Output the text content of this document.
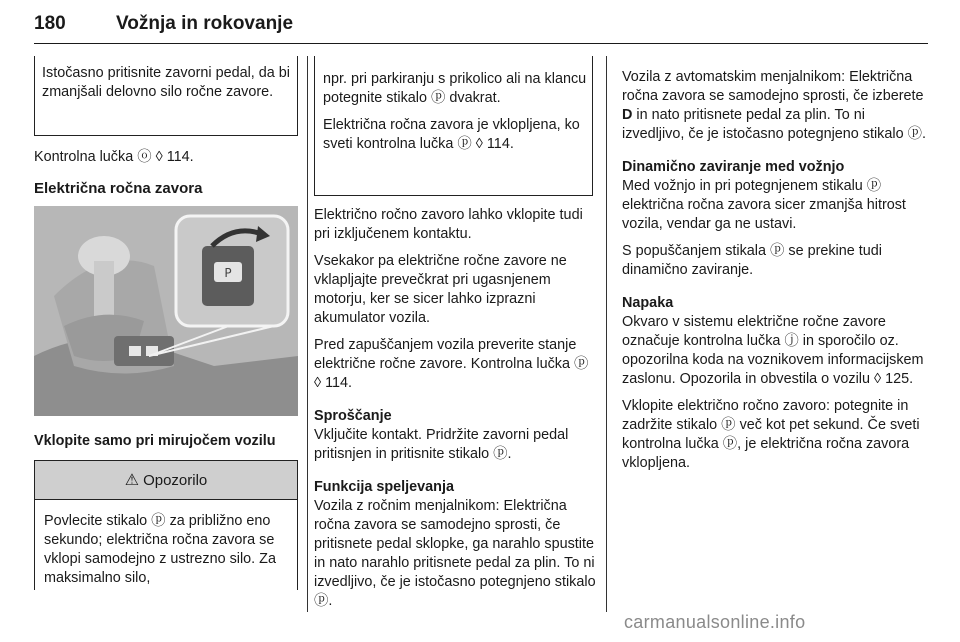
180	Vožnja in rokovanje

Istočasno pritisnite zavorni pedal, da bi zmanjšali delovno silo ročne zavore.

Kontrolna lučka ⓞ ◊ 114.

Električna ročna zavora

P
Vklopite samo pri mirujočem vozilu
⚠ Opozorilo

Povlecite stikalo ⓟ za približno eno sekundo; električna ročna zavora se vklopi samodejno z ustrezno silo. Za maksimalno silo,

npr. pri parkiranju s prikolico ali na klancu potegnite stikalo ⓟ dvakrat.

Električna ročna zavora je vklopljena, ko sveti kontrolna lučka ⓟ ◊ 114.

Električno ročno zavoro lahko vklopite tudi pri izključenem kontaktu.

Vsekakor pa električne ročne zavore ne vklapljajte prevečkrat pri ugasnjenem motorju, ker se sicer lahko izprazni akumulator vozila.

Pred zapuščanjem vozila preverite stanje električne ročne zavore. Kontrolna lučka ⓟ ◊ 114.

Sproščanje

Vključite kontakt. Pridržite zavorni pedal pritisnjen in pritisnite stikalo ⓟ.

Funkcija speljevanja

Vozila z ročnim menjalnikom: Električna ročna zavora se samodejno sprosti, če pritisnete pedal sklopke, ga narahlo spustite in nato narahlo pritisnete pedal za plin. To ni izvedljivo, če je istočasno potegnjeno stikalo ⓟ.

Vozila z avtomatskim menjalnikom: Električna ročna zavora se samodejno sprosti, če izberete D in nato pritisnete pedal za plin. To ni izvedljivo, če je istočasno potegnjeno stikalo ⓟ.

Dinamično zaviranje med vožnjo

Med vožnjo in pri potegnjenem stikalu ⓟ električna ročna zavora sicer zmanjša hitrost vozila, vendar ga ne ustavi.

S popuščanjem stikala ⓟ se prekine tudi dinamično zaviranje.

Napaka

Okvaro v sistemu električne ročne zavore označuje kontrolna lučka ⓙ in sporočilo oz. opozorilna koda na voznikovem informacijskem zaslonu. Opozorila in obvestila o vozilu ◊ 125.

Vklopite električno ročno zavoro: potegnite in zadržite stikalo ⓟ več kot pet sekund. Če sveti kontrolna lučka ⓟ, je električna ročna zavora vklopljena.

carmanualsonline.info
